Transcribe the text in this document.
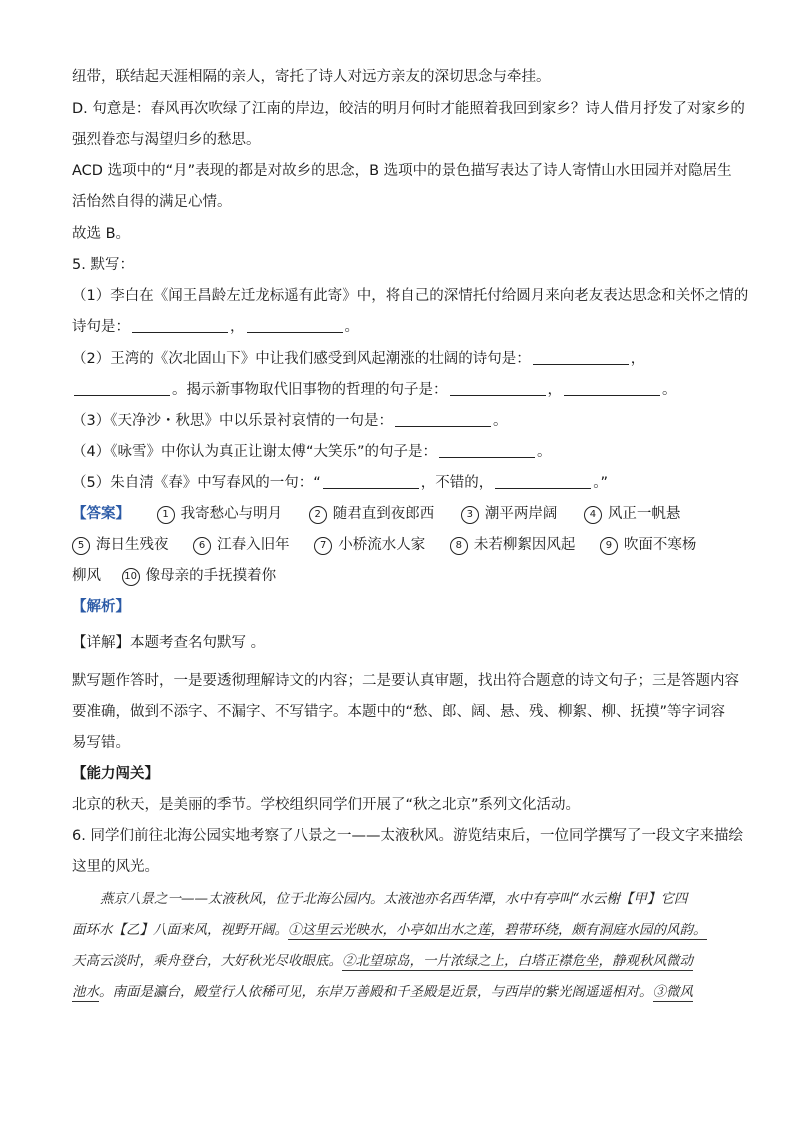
纽带，联结起天涯相隔的亲人，寄托了诗人对远方亲友的深切思念与牵挂。
D. 句意是：春风再次吹绿了江南的岸边，皎洁的明月何时才能照着我回到家乡？诗人借月抒发了对家乡的
强烈眷恋与渴望归乡的愁思。
ACD 选项中的“月”表现的都是对故乡的思念，B 选项中的景色描写表达了诗人寄情山水田园并对隐居生
活怡然自得的满足心情。
故选 B。
5. 默写：
（1）李白在《闻王昌龄左迁龙标遥有此寄》中，将自己的深情托付给圆月来向老友表达思念和关怀之情的
诗句是：	，	。
（2）王湾的《次北固山下》中让我们感受到风起潮涨的壮阔的诗句是：	，
。揭示新事物取代旧事物的哲理的句子是：	，	。
（3）《天净沙・秋思》中以乐景衬哀情的一句是：	。
（4）《咏雪》中你认为真正让谢太傅“大笑乐”的句子是：	。
（5）朱自清《春》中写春风的一句：“	，不错的，	。”
【答案】	1 我寄愁心与明月	2 随君直到夜郎西	3 潮平两岸阔	4 风正一帆悬
5 海日生残夜	6 江春入旧年	7 小桥流水人家	8 未若柳絮因风起	9 吹面不寒杨
柳风 10 像母亲的手抚摸着你
【解析】
【详解】本题考查名句默写 。
默写题作答时，一是要透彻理解诗文的内容；二是要认真审题，找出符合题意的诗文句子；三是答题内容
要准确，做到不添字、不漏字、不写错字。本题中的“愁、郎、阔、悬、残、柳絮、柳、抚摸”等字词容
易写错。
【能力闯关】
北京的秋天，是美丽的季节。学校组织同学们开展了“秋之北京”系列文化活动。
6. 同学们前往北海公园实地考察了八景之一——太液秋风。游览结束后，一位同学撰写了一段文字来描绘
这里的风光。
燕京八景之一——太液秋风，位于北海公园内。太液池亦名西华潭，水中有亭叫“水云榭【甲】它四
面环水【乙】八面来风，视野开阔。①这里云光映水，小亭如出水之莲，碧带环绕，颇有洞庭水园的风韵。
天高云淡时，乘舟登台，大好秋光尽收眼底。②北望琼岛，一片浓绿之上，白塔正襟危坐，静观秋风微动
池水。南面是瀛台，殿堂行人依稀可见，东岸万善殿和千圣殿是近景，与西岸的紫光阁遥遥相对。③微风
